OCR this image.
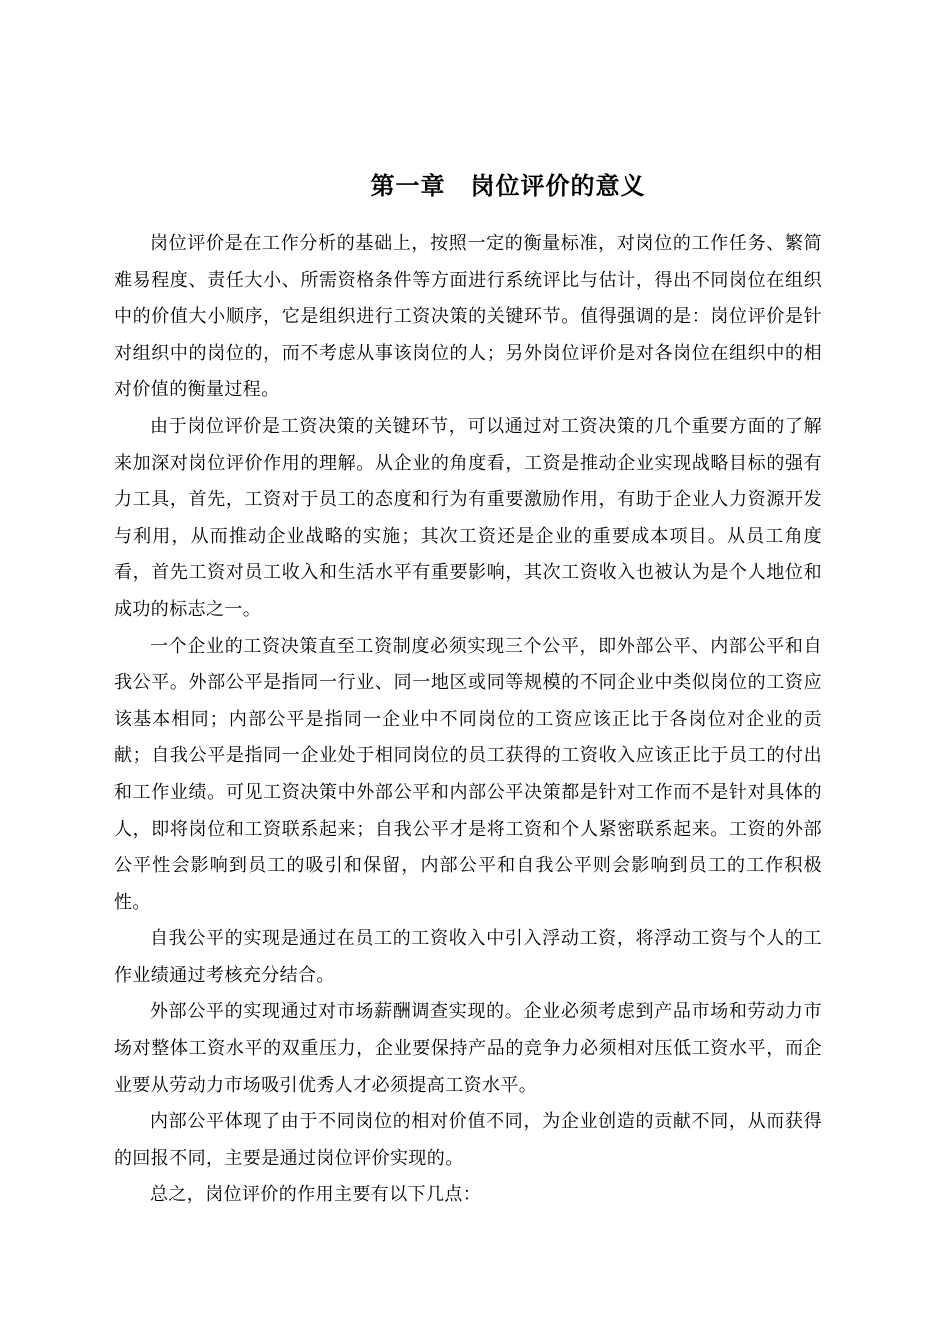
第一章　岗位评价的意义

岗位评价是在工作分析的基础上，按照一定的衡量标准，对岗位的工作任务、繁简难易程度、责任大小、所需资格条件等方面进行系统评比与估计，得出不同岗位在组织中的价值大小顺序，它是组织进行工资决策的关键环节。值得强调的是：岗位评价是针对组织中的岗位的，而不考虑从事该岗位的人；另外岗位评价是对各岗位在组织中的相对价值的衡量过程。

由于岗位评价是工资决策的关键环节，可以通过对工资决策的几个重要方面的了解来加深对岗位评价作用的理解。从企业的角度看，工资是推动企业实现战略目标的强有力工具，首先，工资对于员工的态度和行为有重要激励作用，有助于企业人力资源开发与利用，从而推动企业战略的实施；其次工资还是企业的重要成本项目。从员工角度看，首先工资对员工收入和生活水平有重要影响，其次工资收入也被认为是个人地位和成功的标志之一。

一个企业的工资决策直至工资制度必须实现三个公平，即外部公平、内部公平和自我公平。外部公平是指同一行业、同一地区或同等规模的不同企业中类似岗位的工资应该基本相同；内部公平是指同一企业中不同岗位的工资应该正比于各岗位对企业的贡献；自我公平是指同一企业处于相同岗位的员工获得的工资收入应该正比于员工的付出和工作业绩。可见工资决策中外部公平和内部公平决策都是针对工作而不是针对具体的人，即将岗位和工资联系起来；自我公平才是将工资和个人紧密联系起来。工资的外部公平性会影响到员工的吸引和保留，内部公平和自我公平则会影响到员工的工作积极性。

自我公平的实现是通过在员工的工资收入中引入浮动工资，将浮动工资与个人的工作业绩通过考核充分结合。

外部公平的实现通过对市场薪酬调查实现的。企业必须考虑到产品市场和劳动力市场对整体工资水平的双重压力，企业要保持产品的竞争力必须相对压低工资水平，而企业要从劳动力市场吸引优秀人才必须提高工资水平。

内部公平体现了由于不同岗位的相对价值不同，为企业创造的贡献不同，从而获得的回报不同，主要是通过岗位评价实现的。

总之，岗位评价的作用主要有以下几点：
